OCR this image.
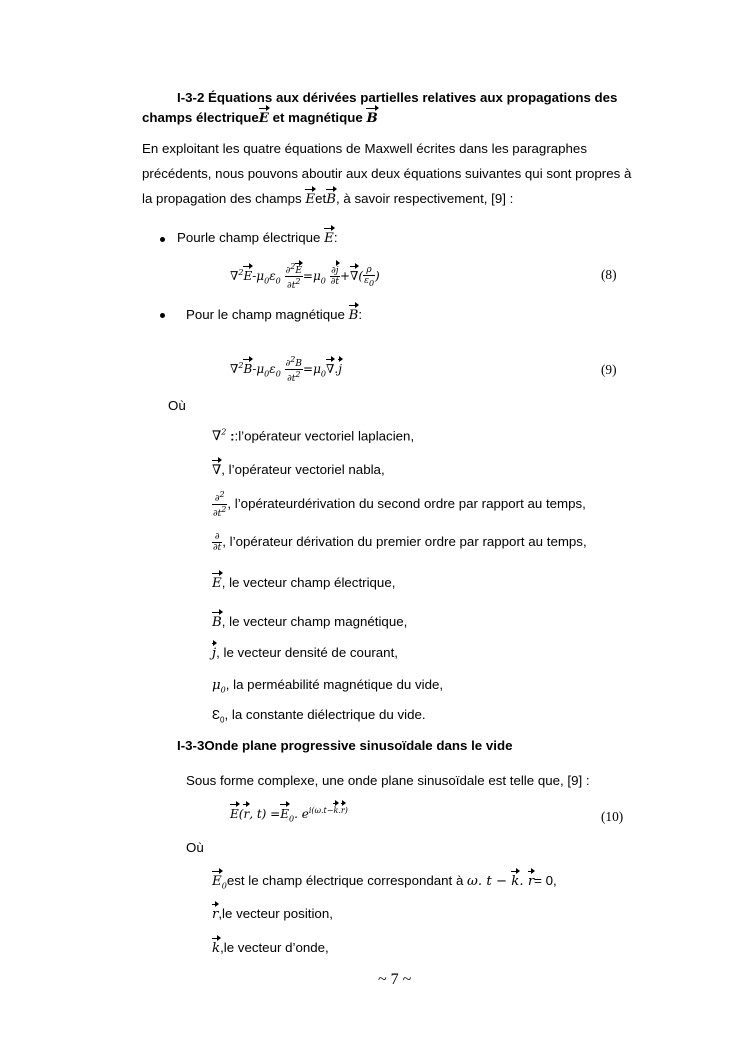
I-3-2 Équations aux dérivées partielles relatives aux propagations des
champs électriqueE et magnétique B
En exploitant les quatre équations de Maxwell écrites dans les paragraphes
précédents, nous pouvons aboutir aux deux équations suivantes qui sont propres à
la propagation des champs EetB, à savoir respectivement, [9] :
Pourle champ électrique E:
$\nabla^2E-\mu_0\varepsilon_0 \frac{\partial^2E}{\partial t^2} =\mu_0 \frac{\partial j}{\partial t}$ +∇( $\frac{\rho}{\varepsilon_0}$ )	(8)
Pour le champ magnétique B:
$\nabla^2B-\mu_0\varepsilon_0 \frac{\partial^2B}{\partial t^2} =\mu_0\nabla.j$	(9)
Où
∇$^2$ ::l’opérateur vectoriel laplacien,
∇, l’opérateur vectoriel nabla,
$\frac{\partial^2}{\partial t^2}$ , l’opérateurdérivation du second ordre par rapport au temps,
$\frac{\partial}{\partial t}$ , l’opérateur dérivation du premier ordre par rapport au temps,
E, le vecteur champ électrique,
B, le vecteur champ magnétique,
j, le vecteur densité de courant,
$\mu_0$, la perméabilité magnétique du vide,
$Ɛ_0$, la constante diélectrique du vide.
I-3-3Onde plane progressive sinusoïdale dans le vide
Sous forme complexe, une onde plane sinusoïdale est telle que, [9] :
E(r, $t) =E_0$. $e^{i(\omega.t-k.r)}$	(10)
Où
$E_0est$ le champ électrique correspondant à ω. t − k. r= 0,
r,le vecteur position,
k,le vecteur d’onde,
~ 7 ~
